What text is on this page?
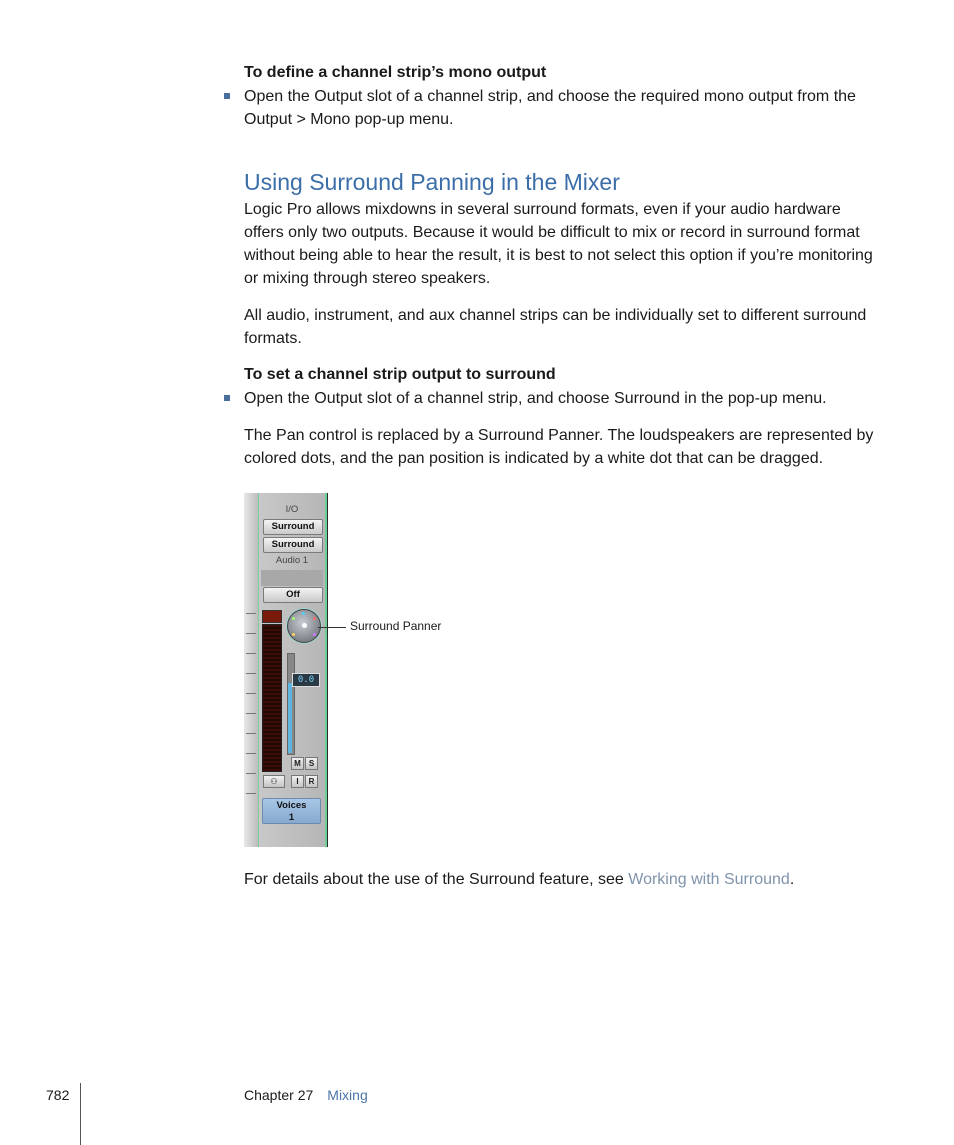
To define a channel strip’s mono output
Open the Output slot of a channel strip, and choose the required mono output from the Output > Mono pop-up menu.
Using Surround Panning in the Mixer
Logic Pro allows mixdowns in several surround formats, even if your audio hardware offers only two outputs. Because it would be difficult to mix or record in surround format without being able to hear the result, it is best to not select this option if you’re monitoring or mixing through stereo speakers.
All audio, instrument, and aux channel strips can be individually set to different surround formats.
To set a channel strip output to surround
Open the Output slot of a channel strip, and choose Surround in the pop-up menu.
The Pan control is replaced by a Surround Panner. The loudspeakers are represented by colored dots, and the pan position is indicated by a white dot that can be dragged.
I/O
Surround
Surround
Audio 1
Off
0.0
M	S
⚇	I	R
Voices
1
Surround Panner
For details about the use of the Surround feature, see Working with Surround.
782	Chapter 27 Mixing
